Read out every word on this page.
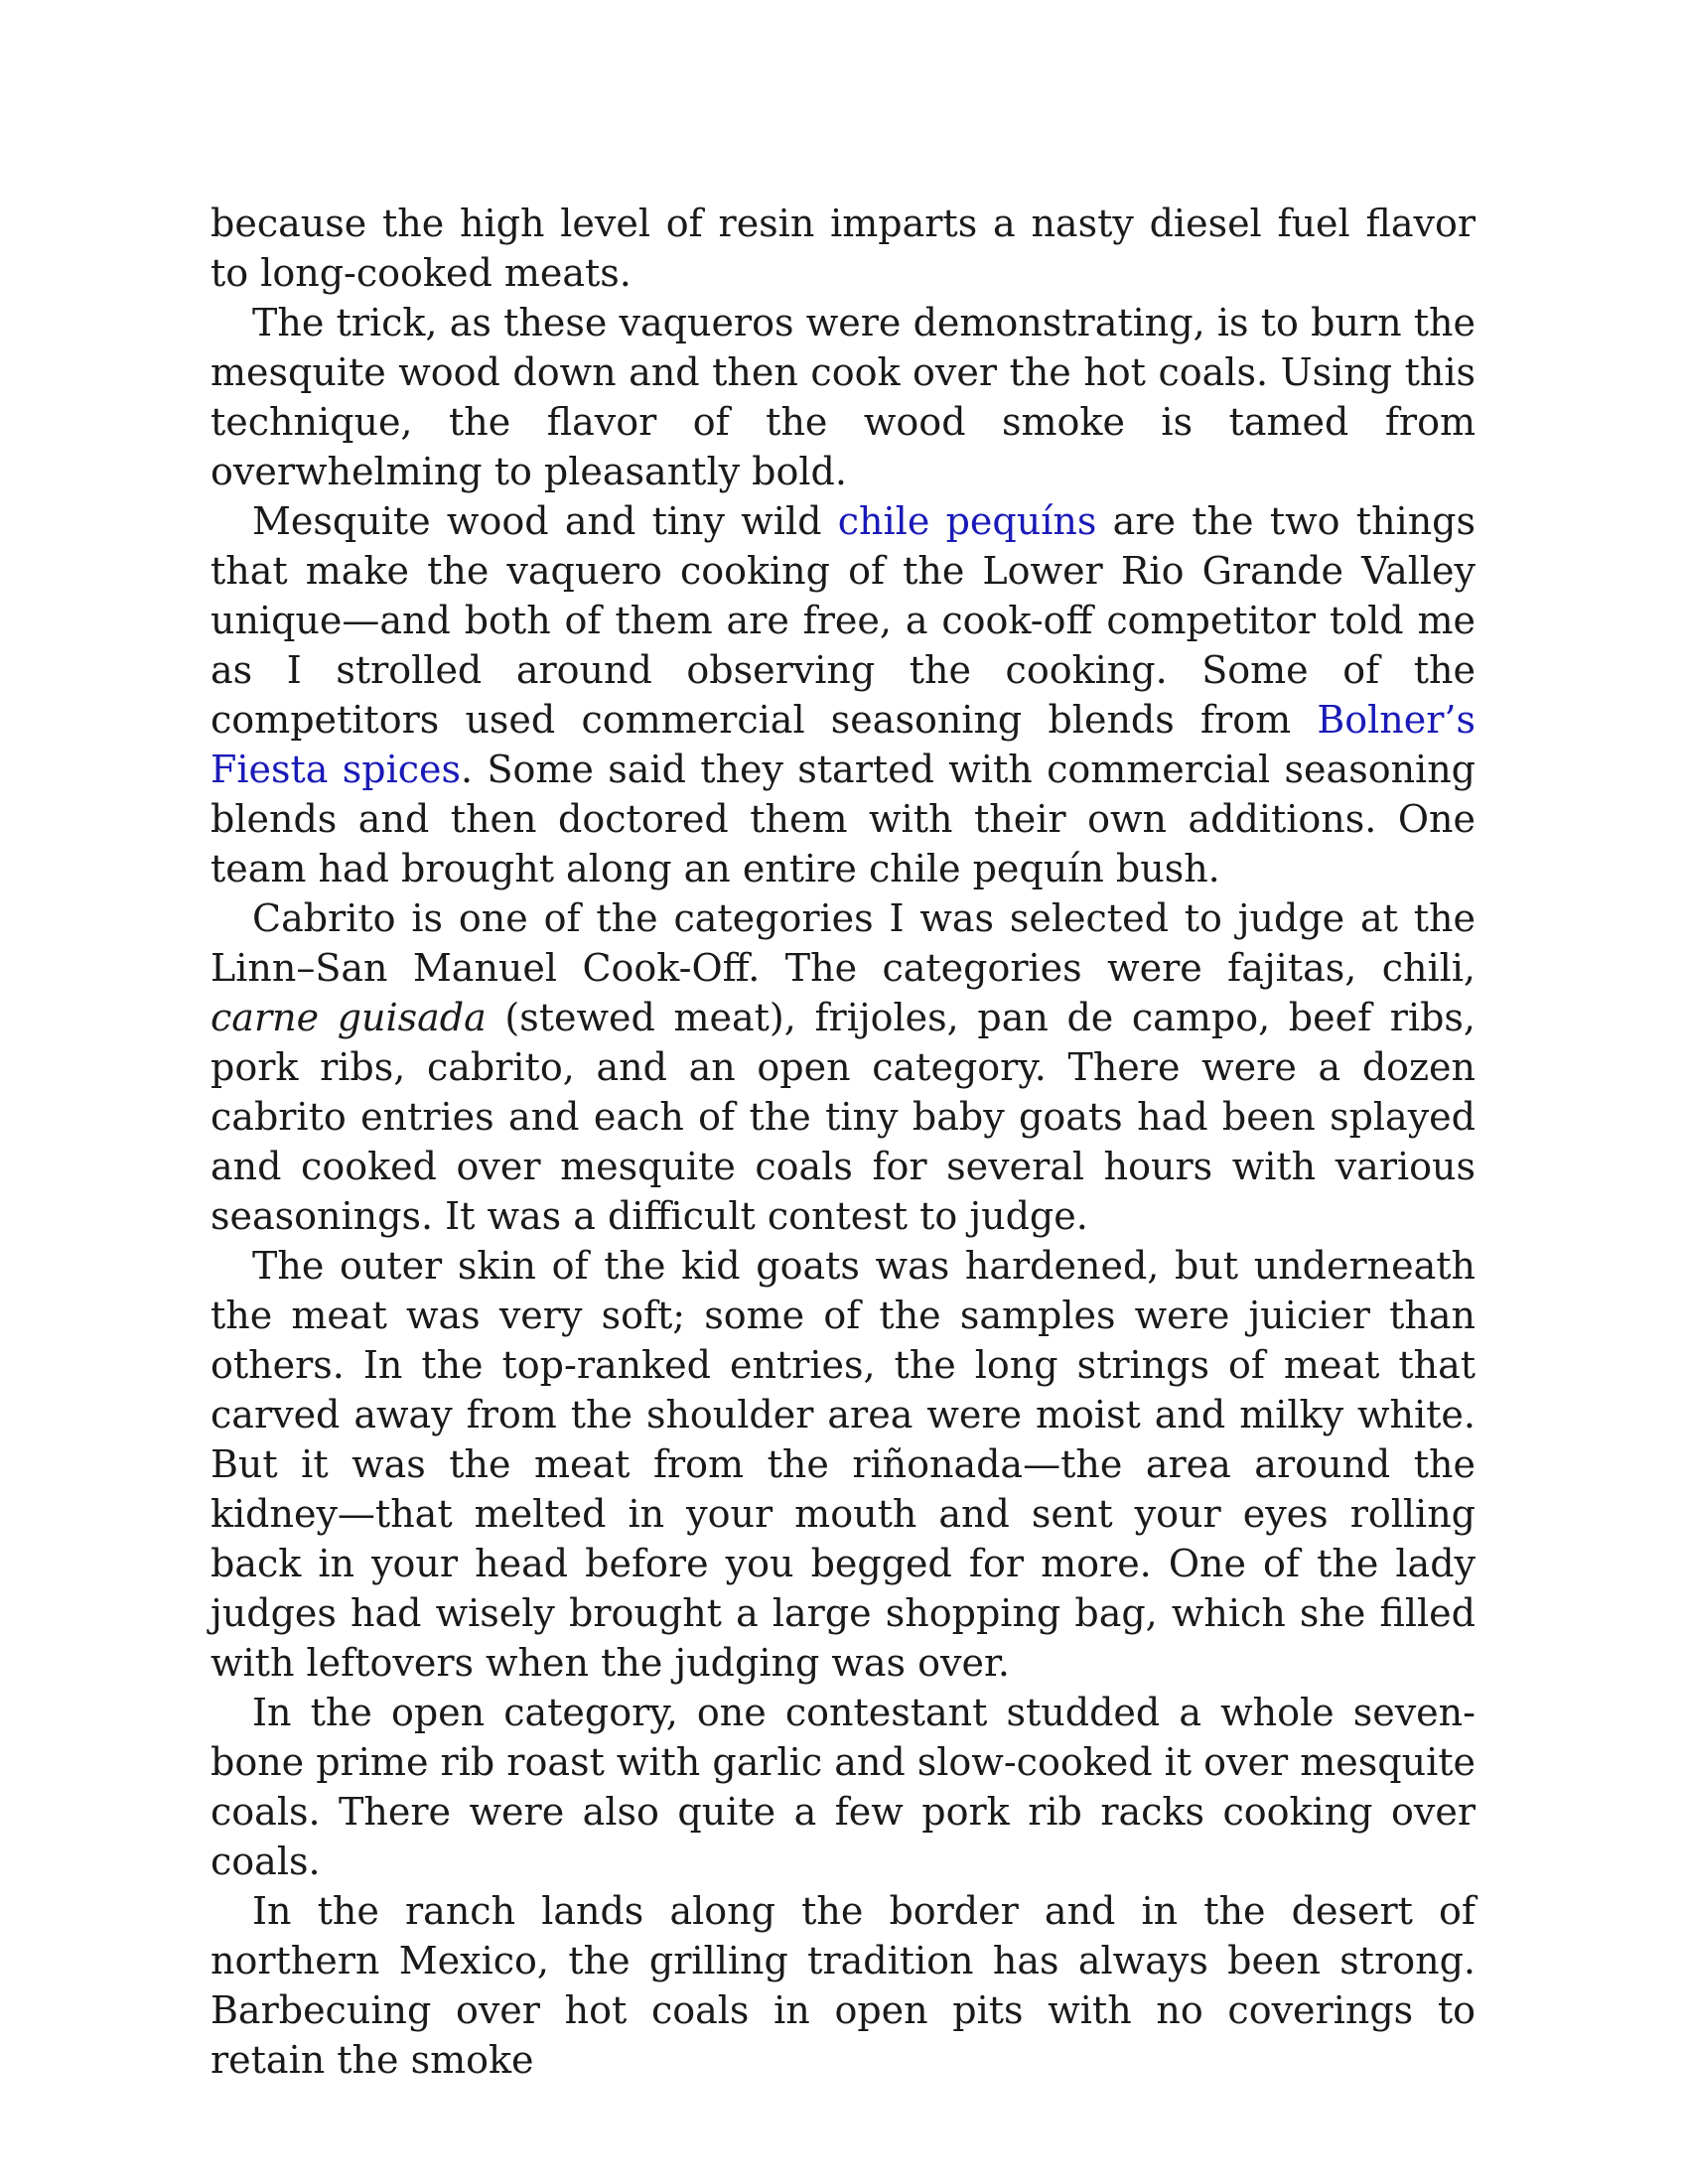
because the high level of resin imparts a nasty diesel fuel flavor to long-cooked meats.

The trick, as these vaqueros were demonstrating, is to burn the mesquite wood down and then cook over the hot coals. Using this technique, the flavor of the wood smoke is tamed from overwhelming to pleasantly bold.

Mesquite wood and tiny wild chile pequíns are the two things that make the vaquero cooking of the Lower Rio Grande Valley unique—and both of them are free, a cook-off competitor told me as I strolled around observing the cooking. Some of the competitors used commercial seasoning blends from Bolner’s Fiesta spices. Some said they started with commercial seasoning blends and then doctored them with their own additions. One team had brought along an entire chile pequín bush.

Cabrito is one of the categories I was selected to judge at the Linn–San Manuel Cook-Off. The categories were fajitas, chili, carne guisada (stewed meat), frijoles, pan de campo, beef ribs, pork ribs, cabrito, and an open category. There were a dozen cabrito entries and each of the tiny baby goats had been splayed and cooked over mesquite coals for several hours with various seasonings. It was a difficult contest to judge.

The outer skin of the kid goats was hardened, but underneath the meat was very soft; some of the samples were juicier than others. In the top-ranked entries, the long strings of meat that carved away from the shoulder area were moist and milky white. But it was the meat from the riñonada—the area around the kidney—that melted in your mouth and sent your eyes rolling back in your head before you begged for more. One of the lady judges had wisely brought a large shopping bag, which she filled with leftovers when the judging was over.

In the open category, one contestant studded a whole seven-bone prime rib roast with garlic and slow-cooked it over mesquite coals. There were also quite a few pork rib racks cooking over coals.

In the ranch lands along the border and in the desert of northern Mexico, the grilling tradition has always been strong. Barbecuing over hot coals in open pits with no coverings to retain the smoke
